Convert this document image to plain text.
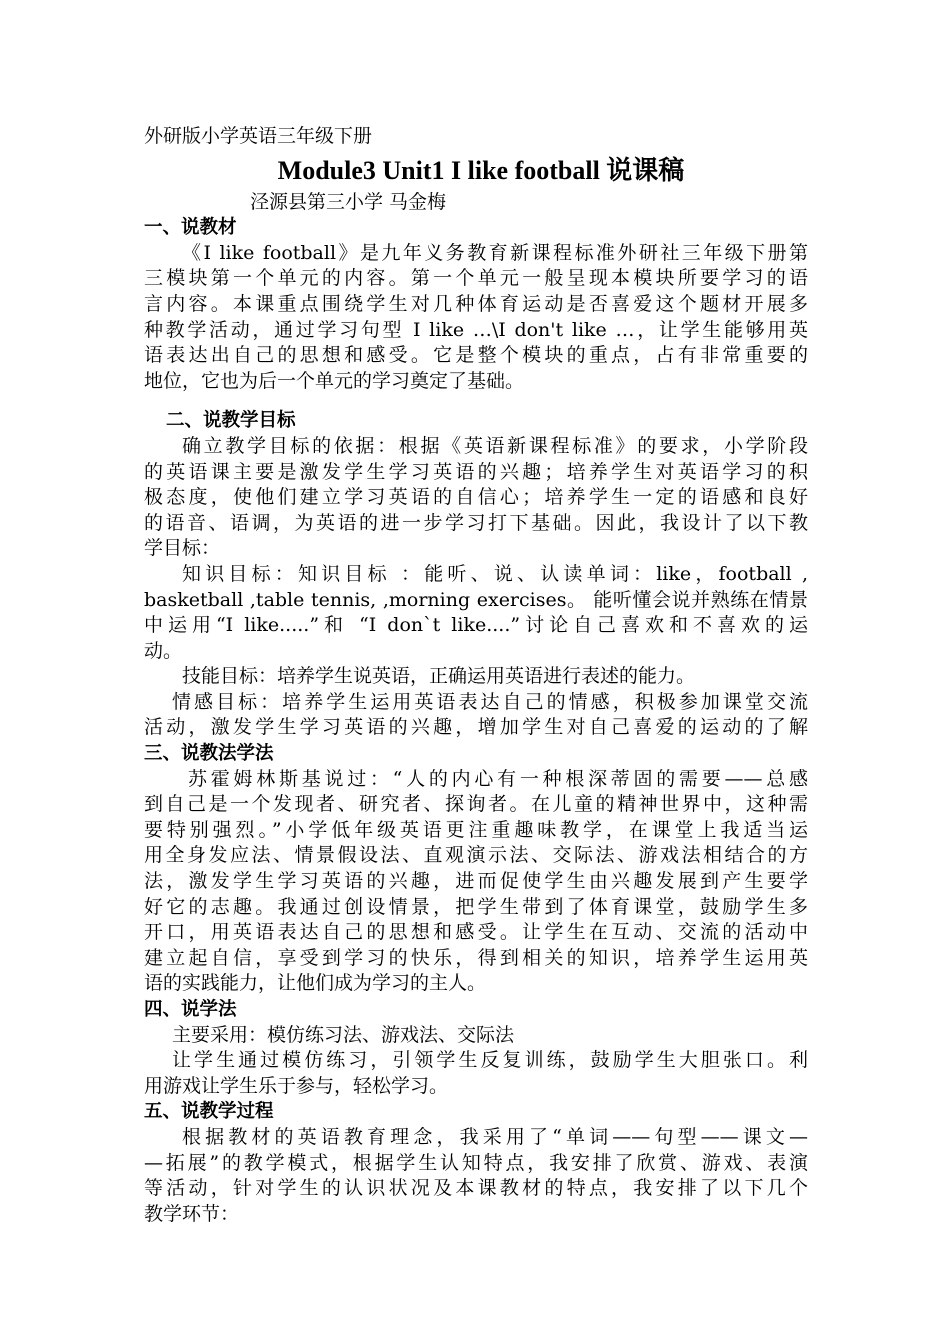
外研版小学英语三年级下册
Module3 Unit1 I like football 说课稿
泾源县第三小学 马金梅
一、说教材
《I like football》是九年义务教育新课程标准外研社三年级下册第
三模块第一个单元的内容。第一个单元一般呈现本模块所要学习的语
言内容。本课重点围绕学生对几种体育运动是否喜爱这个题材开展多
种教学活动，通过学习句型 I like …\I don't like …，让学生能够用英
语表达出自己的思想和感受。它是整个模块的重点，占有非常重要的
地位，它也为后一个单元的学习奠定了基础。
二、说教学目标
确立教学目标的依据：根据《英语新课程标准》的要求，小学阶段
的英语课主要是激发学生学习英语的兴趣；培养学生对英语学习的积
极态度，使他们建立学习英语的自信心；培养学生一定的语感和良好
的语音、语调，为英语的进一步学习打下基础。因此，我设计了以下教
学目标：
知识目标：知识目标 ：能听、说、认读单词：like，football ,
basketball ,table tennis, ,morning exercises。 能听懂会说并熟练在情景
中运用“I like.....”和 “I don`t like....”讨论自己喜欢和不喜欢的运
动。
技能目标：培养学生说英语，正确运用英语进行表述的能力。
情感目标：培养学生运用英语表达自己的情感，积极参加课堂交流
活动，激发学生学习英语的兴趣，增加学生对自己喜爱的运动的了解
三、说教法学法
苏霍姆林斯基说过：“人的内心有一种根深蒂固的需要——总感
到自己是一个发现者、研究者、探询者。在儿童的精神世界中，这种需
要特别强烈。”小学低年级英语更注重趣味教学，在课堂上我适当运
用全身发应法、情景假设法、直观演示法、交际法、游戏法相结合的方
法，激发学生学习英语的兴趣，进而促使学生由兴趣发展到产生要学
好它的志趣。我通过创设情景，把学生带到了体育课堂，鼓励学生多
开口，用英语表达自己的思想和感受。让学生在互动、交流的活动中
建立起自信，享受到学习的快乐，得到相关的知识，培养学生运用英
语的实践能力，让他们成为学习的主人。
四、说学法
主要采用：模仿练习法、游戏法、交际法
让学生通过模仿练习，引领学生反复训练，鼓励学生大胆张口。利
用游戏让学生乐于参与，轻松学习。
五、说教学过程
根据教材的英语教育理念，我采用了“单词——句型——课文—
—拓展”的教学模式，根据学生认知特点，我安排了欣赏、游戏、表演
等活动，针对学生的认识状况及本课教材的特点，我安排了以下几个
教学环节：
